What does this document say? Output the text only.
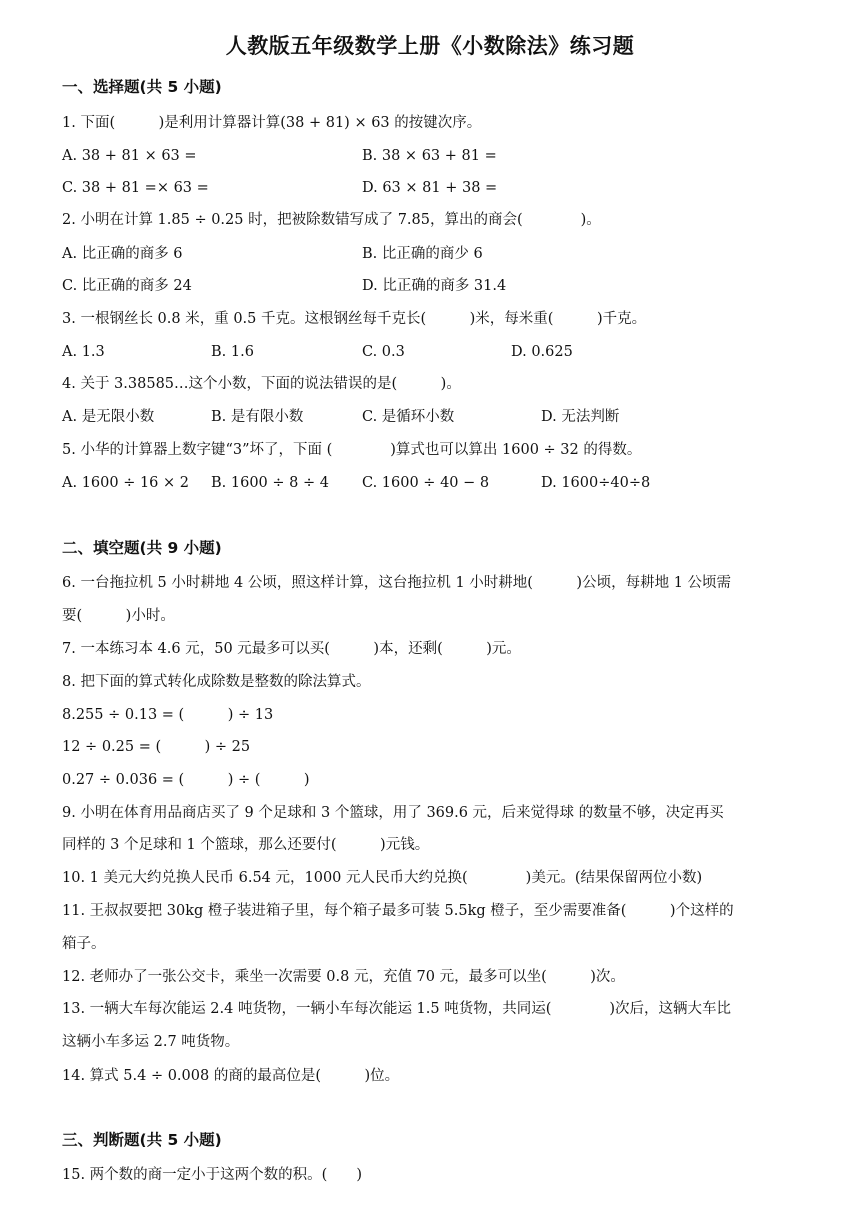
人教版五年级数学上册《小数除法》练习题
一、选择题(共 5 小题)
1. 下面(　　　)是利用计算器计算(38 + 81) × 63 的按键次序。
A. 38 + 81 × 63 =	B. 38 × 63 + 81 =
C. 38 + 81 =× 63 =	D. 63 × 81 + 38 =
2. 小明在计算 1.85 ÷ 0.25 时，把被除数错写成了 7.85，算出的商会(　　　　)。
A. 比正确的商多 6	B. 比正确的商少 6
C. 比正确的商多 24	D. 比正确的商多 31.4
3. 一根钢丝长 0.8 米，重 0.5 千克。这根钢丝每千克长(　　　)米，每米重(　　　)千克。
A. 1.3	B. 1.6	C. 0.3	D. 0.625
4. 关于 3.38585…这个小数，下面的说法错误的是(　　　)。
A. 是无限小数	B. 是有限小数	C. 是循环小数	D. 无法判断
5. 小华的计算器上数字键“3”坏了，下面 (　　　　)算式也可以算出 1600 ÷ 32 的得数。
A. 1600 ÷ 16 × 2 B. 1600 ÷ 8 ÷ 4 C. 1600 ÷ 40 − 8	D. 1600÷40÷8
二、填空题(共 9 小题)
6. 一台拖拉机 5 小时耕地 4 公顷，照这样计算，这台拖拉机 1 小时耕地(　　　)公顷，每耕地 1 公顷需
要(　　　)小时。
7. 一本练习本 4.6 元，50 元最多可以买(　　　)本，还剩(　　　)元。
8. 把下面的算式转化成除数是整数的除法算式。
8.255 ÷ 0.13 = (　　　) ÷ 13
12 ÷ 0.25 = (　　　) ÷ 25
0.27 ÷ 0.036 = (　　　) ÷ (　　　)
9. 小明在体育用品商店买了 9 个足球和 3 个篮球，用了 369.6 元，后来觉得球 的数量不够，决定再买
同样的 3 个足球和 1 个篮球，那么还要付(　　　)元钱。
10. 1 美元大约兑换人民币 6.54 元，1000 元人民币大约兑换(　　　　)美元。(结果保留两位小数)
11. 王叔叔要把 30kg 橙子装进箱子里，每个箱子最多可装 5.5kg 橙子，至少需要准备(　　　)个这样的
箱子。
12. 老师办了一张公交卡，乘坐一次需要 0.8 元，充值 70 元，最多可以坐(　　　)次。
13. 一辆大车每次能运 2.4 吨货物，一辆小车每次能运 1.5 吨货物，共同运(　　　　)次后，这辆大车比
这辆小车多运 2.7 吨货物。
14. 算式 5.4 ÷ 0.008 的商的最高位是(　　　)位。
三、判断题(共 5 小题)
15. 两个数的商一定小于这两个数的积。(　　)
